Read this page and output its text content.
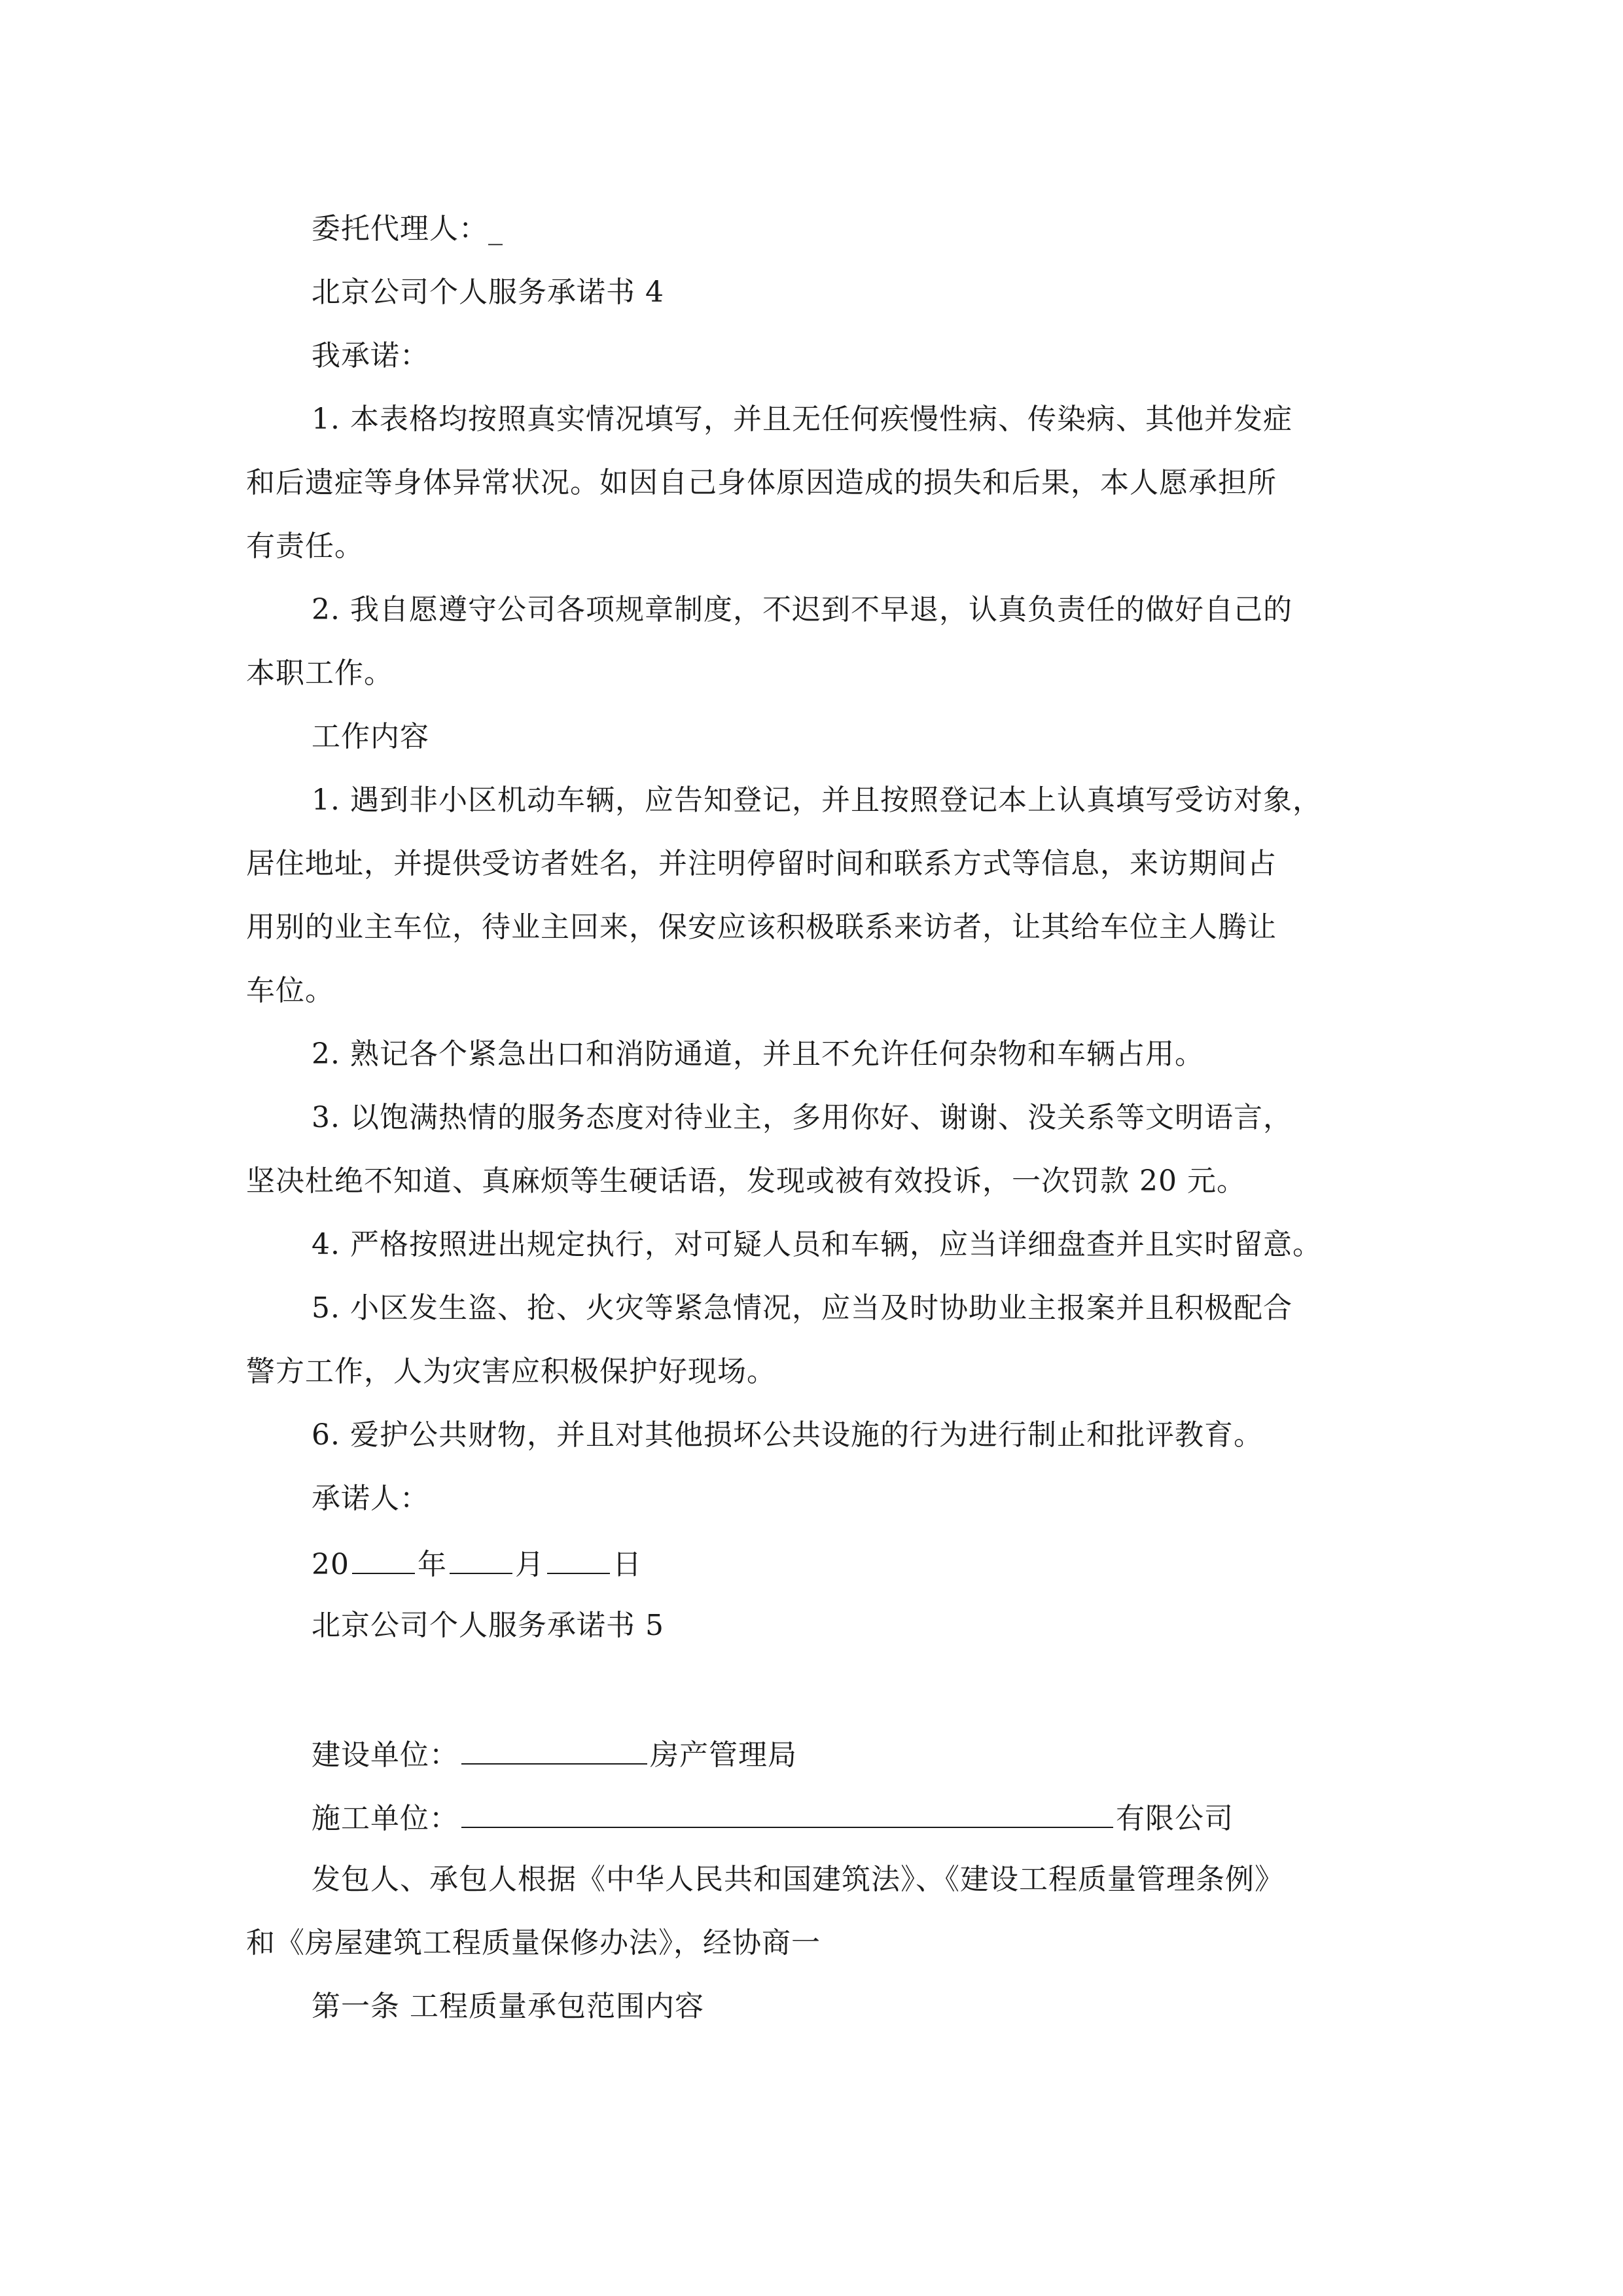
委托代理人：_
北京公司个人服务承诺书 4
我承诺：
1. 本表格均按照真实情况填写，并且无任何疾慢性病、传染病、其他并发症
和后遗症等身体异常状况。如因自己身体原因造成的损失和后果，本人愿承担所
有责任。
2. 我自愿遵守公司各项规章制度，不迟到不早退，认真负责任的做好自己的
本职工作。
工作内容
1. 遇到非小区机动车辆，应告知登记，并且按照登记本上认真填写受访对象，
居住地址，并提供受访者姓名，并注明停留时间和联系方式等信息，来访期间占
用别的业主车位，待业主回来，保安应该积极联系来访者，让其给车位主人腾让
车位。
2. 熟记各个紧急出口和消防通道，并且不允许任何杂物和车辆占用。
3. 以饱满热情的服务态度对待业主，多用你好、谢谢、没关系等文明语言，
坚决杜绝不知道、真麻烦等生硬话语，发现或被有效投诉，一次罚款 20 元。
4. 严格按照进出规定执行，对可疑人员和车辆，应当详细盘查并且实时留意。
5. 小区发生盗、抢、火灾等紧急情况，应当及时协助业主报案并且积极配合
警方工作，人为灾害应积极保护好现场。
6. 爱护公共财物，并且对其他损坏公共设施的行为进行制止和批评教育。
承诺人：
20 年 月 日
北京公司个人服务承诺书 5
建设单位：	房产管理局
施工单位：	有限公司
发包人、承包人根据《中华人民共和国建筑法》、《建设工程质量管理条例》
和《房屋建筑工程质量保修办法》，经协商一
第一条 工程质量承包范围内容
